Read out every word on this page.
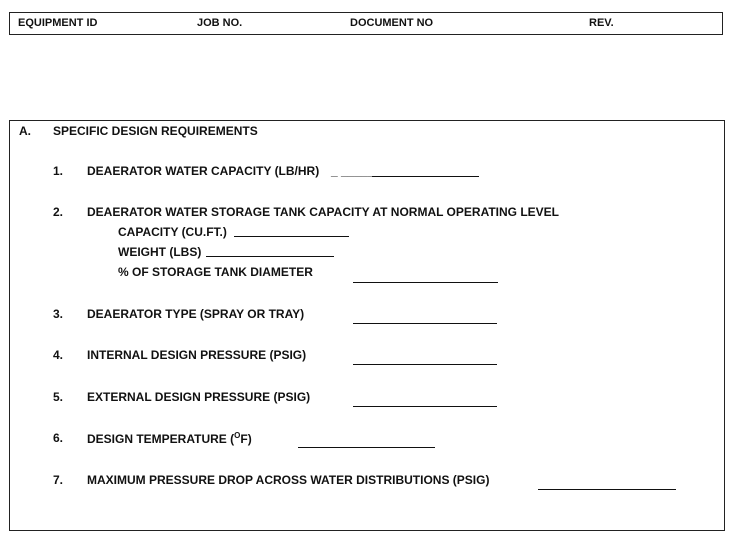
EQUIPMENT ID	JOB NO.	DOCUMENT NO	REV.
A. SPECIFIC DESIGN REQUIREMENTS
1. DEAERATOR WATER CAPACITY (LB/HR) _ _____
2. DEAERATOR WATER STORAGE TANK CAPACITY AT NORMAL OPERATING LEVEL
CAPACITY (CU.FT.)
WEIGHT (LBS)
% OF STORAGE TANK DIAMETER
3. DEAERATOR TYPE (SPRAY OR TRAY)
4. INTERNAL DESIGN PRESSURE (PSIG)
5. EXTERNAL DESIGN PRESSURE (PSIG)
6. DESIGN TEMPERATURE ($^O$F)
7. MAXIMUM PRESSURE DROP ACROSS WATER DISTRIBUTIONS (PSIG)
